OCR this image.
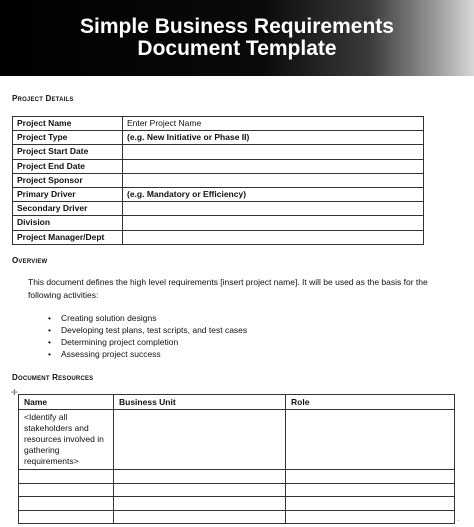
Simple Business Requirements
Document Template
Project Details
Project Name	Enter Project Name
Project Type	(e.g. New Initiative or Phase II)
Project Start Date	
Project End Date	
Project Sponsor	
Primary Driver	(e.g. Mandatory or Efficiency)
Secondary Driver	
Division	
Project Manager/Dept	
Overview
This document defines the high level requirements [insert project name]. It will be used as the basis for the following activities:
• Creating solution designs
• Developing test plans, test scripts, and test cases
• Determining project completion
• Assessing project success
Document Resources
✛
Name	Business Unit	Role
<Identify all stakeholders and resources involved in gathering requirements>		

⌐
